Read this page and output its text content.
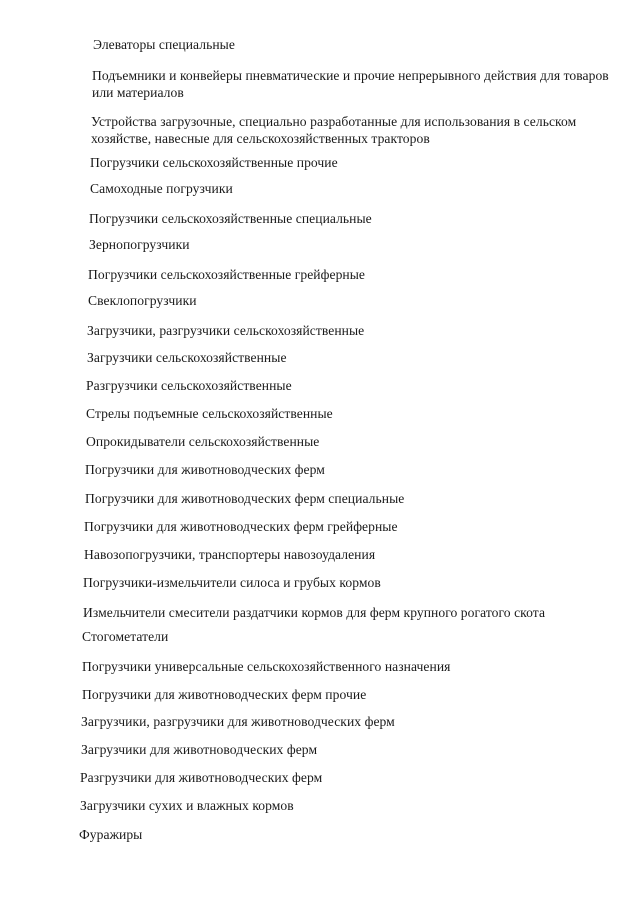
Элеваторы специальные
Подъемники и конвейеры пневматические и прочие непрерывного действия для товаров или материалов
Устройства загрузочные, специально разработанные для использования в сельском хозяйстве, навесные для сельскохозяйственных тракторов
Погрузчики сельскохозяйственные прочие
Самоходные погрузчики
Погрузчики сельскохозяйственные специальные
Зернопогрузчики
Погрузчики сельскохозяйственные грейферные
Свеклопогрузчики
Загрузчики, разгрузчики сельскохозяйственные
Загрузчики сельскохозяйственные
Разгрузчики сельскохозяйственные
Стрелы подъемные сельскохозяйственные
Опрокидыватели сельскохозяйственные
Погрузчики для животноводческих ферм
Погрузчики для животноводческих ферм специальные
Погрузчики для животноводческих ферм грейферные
Навозопогрузчики, транспортеры навозоудаления
Погрузчики-измельчители силоса и грубых кормов
Измельчители смесители раздатчики кормов для ферм крупного рогатого скота
Стогометатели
Погрузчики универсальные сельскохозяйственного назначения
Погрузчики для животноводческих ферм прочие
Загрузчики, разгрузчики для животноводческих ферм
Загрузчики для животноводческих ферм
Разгрузчики для животноводческих ферм
Загрузчики сухих и влажных кормов
Фуражиры
